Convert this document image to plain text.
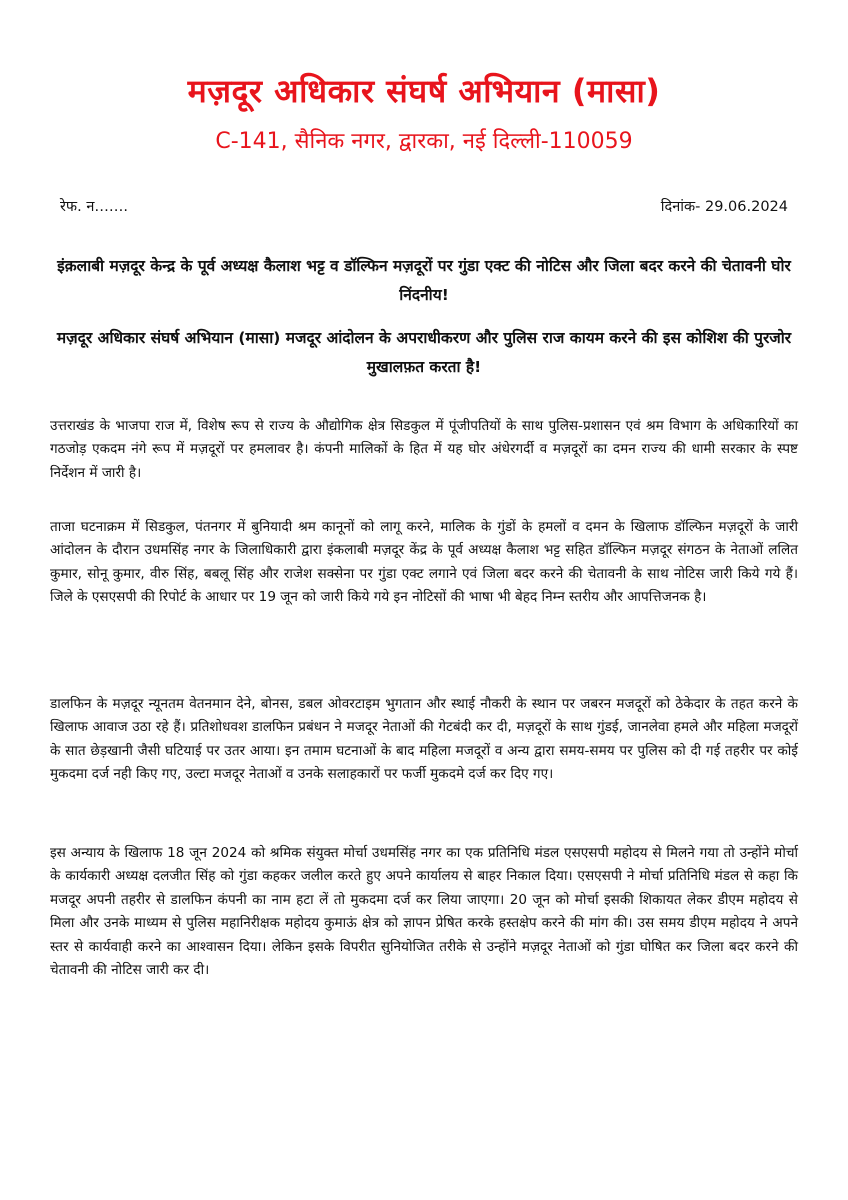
मज़दूर अधिकार संघर्ष अभियान (मासा)
C-141, सैनिक नगर, द्वारका, नई दिल्ली-110059
रेफ. न…….	दिनांक- 29.06.2024
इंक़लाबी मज़दूर केन्द्र के पूर्व अध्यक्ष कैलाश भट्ट व डॉल्फिन मज़दूरों पर गुंडा एक्ट की नोटिस और जिला बदर करने की चेतावनी घोर निंदनीय!
मज़दूर अधिकार संघर्ष अभियान (मासा) मजदूर आंदोलन के अपराधीकरण और पुलिस राज कायम करने की इस कोशिश की पुरजोर मुखालफ़त करता है!

उत्तराखंड के भाजपा राज में, विशेष रूप से राज्य के औद्योगिक क्षेत्र सिडकुल में पूंजीपतियों के साथ पुलिस-प्रशासन एवं श्रम विभाग के अधिकारियों का गठजोड़ एकदम नंगे रूप में मज़दूरों पर हमलावर है। कंपनी मालिकों के हित में यह घोर अंधेरगर्दी व मज़दूरों का दमन राज्य की धामी सरकार के स्पष्ट निर्देशन में जारी है।

ताजा घटनाक्रम में सिडकुल, पंतनगर में बुनियादी श्रम कानूनों को लागू करने, मालिक के गुंडों के हमलों व दमन के खिलाफ डॉल्फिन मज़दूरों के जारी आंदोलन के दौरान उधमसिंह नगर के जिलाधिकारी द्वारा इंकलाबी मज़दूर केंद्र के पूर्व अध्यक्ष कैलाश भट्ट सहित डॉल्फिन मज़दूर संगठन के नेताओं ललित कुमार, सोनू कुमार, वीरु सिंह, बबलू सिंह और राजेश सक्सेना पर गुंडा एक्ट लगाने एवं जिला बदर करने की चेतावनी के साथ नोटिस जारी किये गये हैं। जिले के एसएसपी की रिपोर्ट के आधार पर 19 जून को जारी किये गये इन नोटिसों की भाषा भी बेहद निम्न स्तरीय और आपत्तिजनक है।

डालफिन के मज़दूर न्यूनतम वेतनमान देने, बोनस, डबल ओवरटाइम भुगतान और स्थाई नौकरी के स्थान पर जबरन मजदूरों को ठेकेदार के तहत करने के खिलाफ आवाज उठा रहे हैं। प्रतिशोधवश डालफिन प्रबंधन ने मजदूर नेताओं की गेटबंदी कर दी, मज़दूरों के साथ गुंडई, जानलेवा हमले और महिला मजदूरों के सात छेड़खानी जैसी घटियाई पर उतर आया। इन तमाम घटनाओं के बाद महिला मजदूरों व अन्य द्वारा समय-समय पर पुलिस को दी गई तहरीर पर कोई मुकदमा दर्ज नही किए गए, उल्टा मजदूर नेताओं व उनके सलाहकारों पर फर्जी मुकदमे दर्ज कर दिए गए।

इस अन्याय के खिलाफ 18 जून 2024 को श्रमिक संयुक्त मोर्चा उधमसिंह नगर का एक प्रतिनिधि मंडल एसएसपी महोदय से मिलने गया तो उन्होंने मोर्चा के कार्यकारी अध्यक्ष दलजीत सिंह को गुंडा कहकर जलील करते हुए अपने कार्यालय से बाहर निकाल दिया। एसएसपी ने मोर्चा प्रतिनिधि मंडल से कहा कि मजदूर अपनी तहरीर से डालफिन कंपनी का नाम हटा लें तो मुकदमा दर्ज कर लिया जाएगा। 20 जून को मोर्चा इसकी शिकायत लेकर डीएम महोदय से मिला और उनके माध्यम से पुलिस महानिरीक्षक महोदय कुमाऊं क्षेत्र को ज्ञापन प्रेषित करके हस्तक्षेप करने की मांग की। उस समय डीएम महोदय ने अपने स्तर से कार्यवाही करने का आश्वासन दिया। लेकिन इसके विपरीत सुनियोजित तरीके से उन्होंने मज़दूर नेताओं को गुंडा घोषित कर जिला बदर करने की चेतावनी की नोटिस जारी कर दी।
